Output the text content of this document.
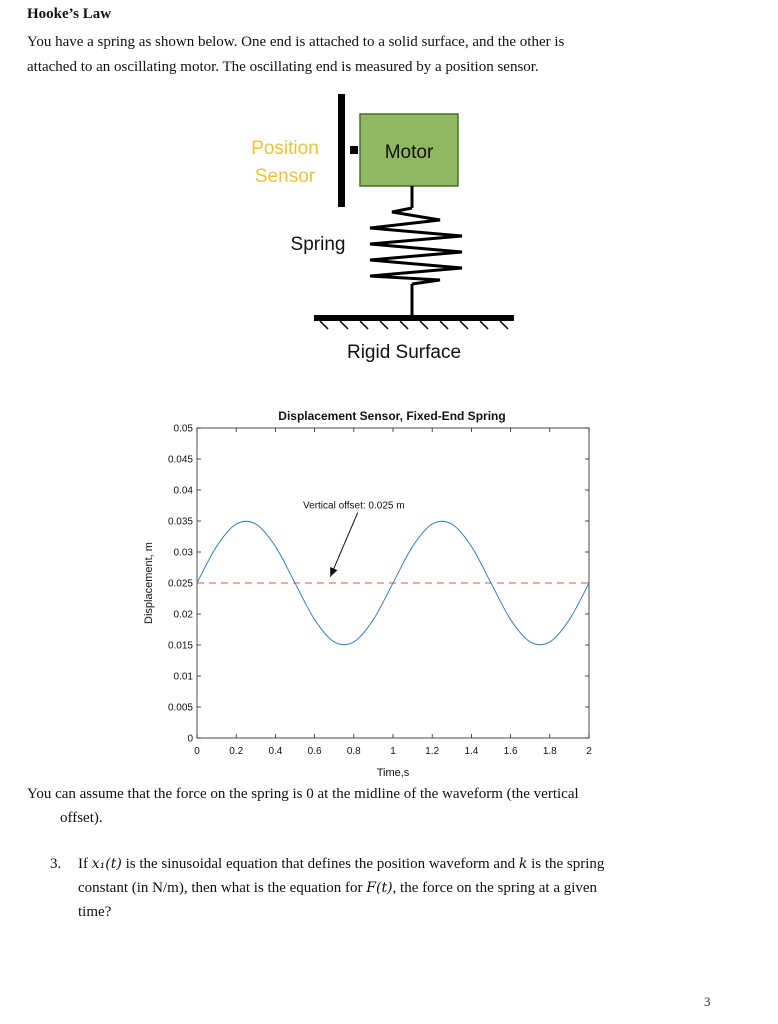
Hooke’s Law

You have a spring as shown below. One end is attached to a solid surface, and the other is

attached to an oscillating motor. The oscillating end is measured by a position sensor.

Position
Sensor
Motor
Spring
Rigid Surface
Displacement Sensor, Fixed-End Spring
0
0.005
0.01
0.015
0.02
0.025
0.03
0.035
0.04
0.045
0.05
0	0.2	0.4	0.6	0.8	1	1.2	1.4	1.6	1.8	2
Vertical offset: 0.025 m
Time,s
Displacement, m
You can assume that the force on the spring is 0 at the midline of the waveform (the vertical
offset).
3. If x₁(t) is the sinusoidal equation that defines the position waveform and k is the spring
constant (in N/m), then what is the equation for F(t), the force on the spring at a given
time?
3
